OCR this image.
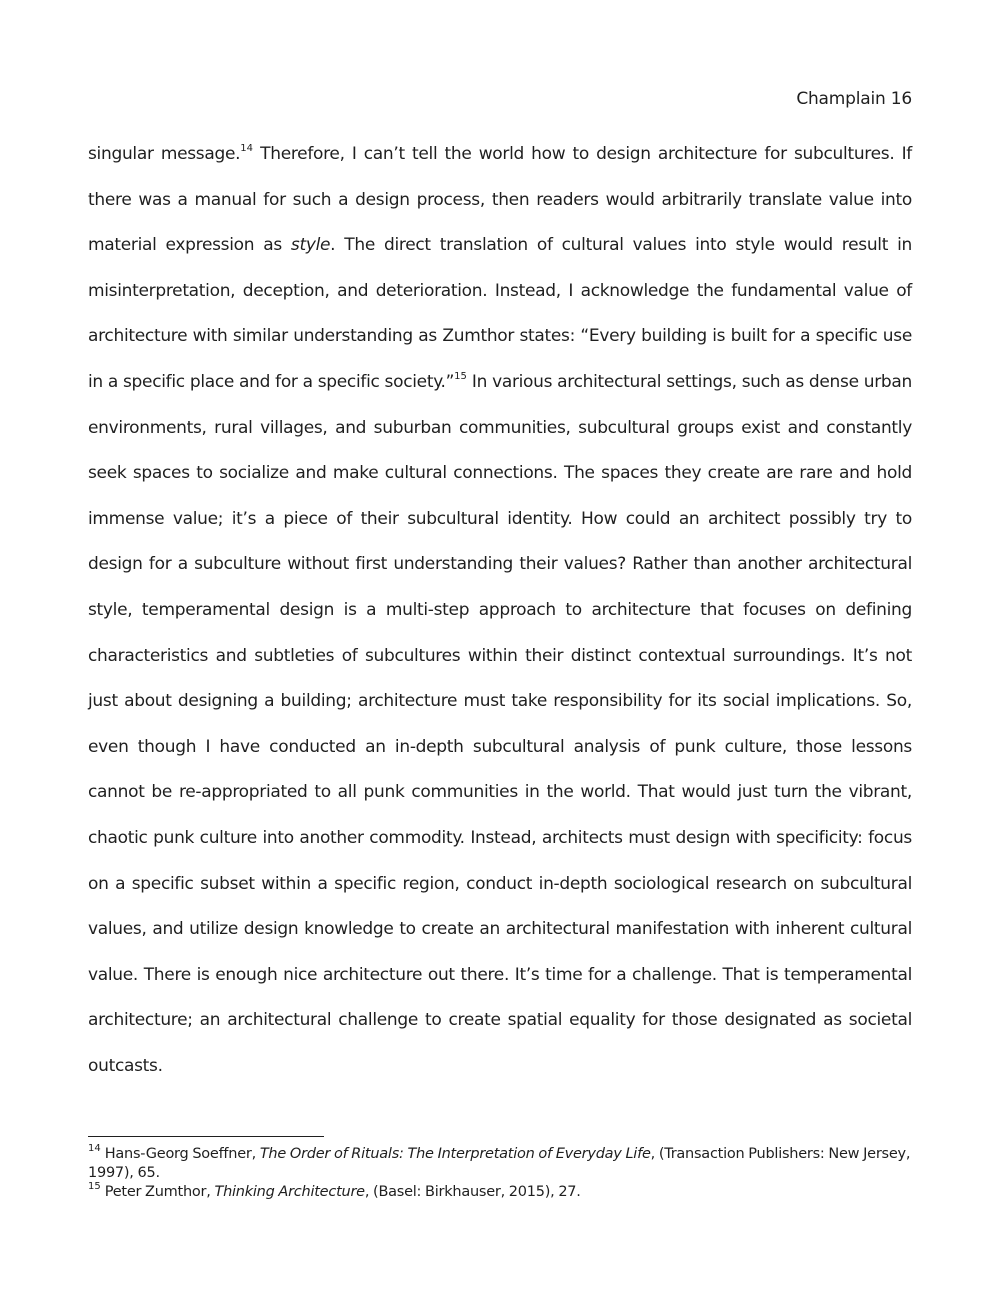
Champlain 16

singular message.$^{14}$ Therefore, I can’t tell the world how to design architecture for subcultures. If there was a manual for such a design process, then readers would arbitrarily translate value into material expression as style. The direct translation of cultural values into style would result in misinterpretation, deception, and deterioration. Instead, I acknowledge the fundamental value of architecture with similar understanding as Zumthor states: “Every building is built for a specific use in a specific place and for a specific society.”$^{15}$ In various architectural settings, such as dense urban environments, rural villages, and suburban communities, subcultural groups exist and constantly seek spaces to socialize and make cultural connections. The spaces they create are rare and hold immense value; it’s a piece of their subcultural identity. How could an architect possibly try to design for a subculture without first understanding their values? Rather than another architectural style, temperamental design is a multi-step approach to architecture that focuses on defining characteristics and subtleties of subcultures within their distinct contextual surroundings. It’s not just about designing a building; architecture must take responsibility for its social implications. So, even though I have conducted an in-depth subcultural analysis of punk culture, those lessons cannot be re-appropriated to all punk communities in the world. That would just turn the vibrant, chaotic punk culture into another commodity. Instead, architects must design with specificity: focus on a specific subset within a specific region, conduct in-depth sociological research on subcultural values, and utilize design knowledge to create an architectural manifestation with inherent cultural value. There is enough nice architecture out there. It’s time for a challenge. That is temperamental architecture; an architectural challenge to create spatial equality for those designated as societal outcasts.

$^{14}$ Hans-Georg Soeffner, The Order of Rituals: The Interpretation of Everyday Life, (Transaction Publishers: New Jersey, 1997), 65.

$^{15}$ Peter Zumthor, Thinking Architecture, (Basel: Birkhauser, 2015), 27.
